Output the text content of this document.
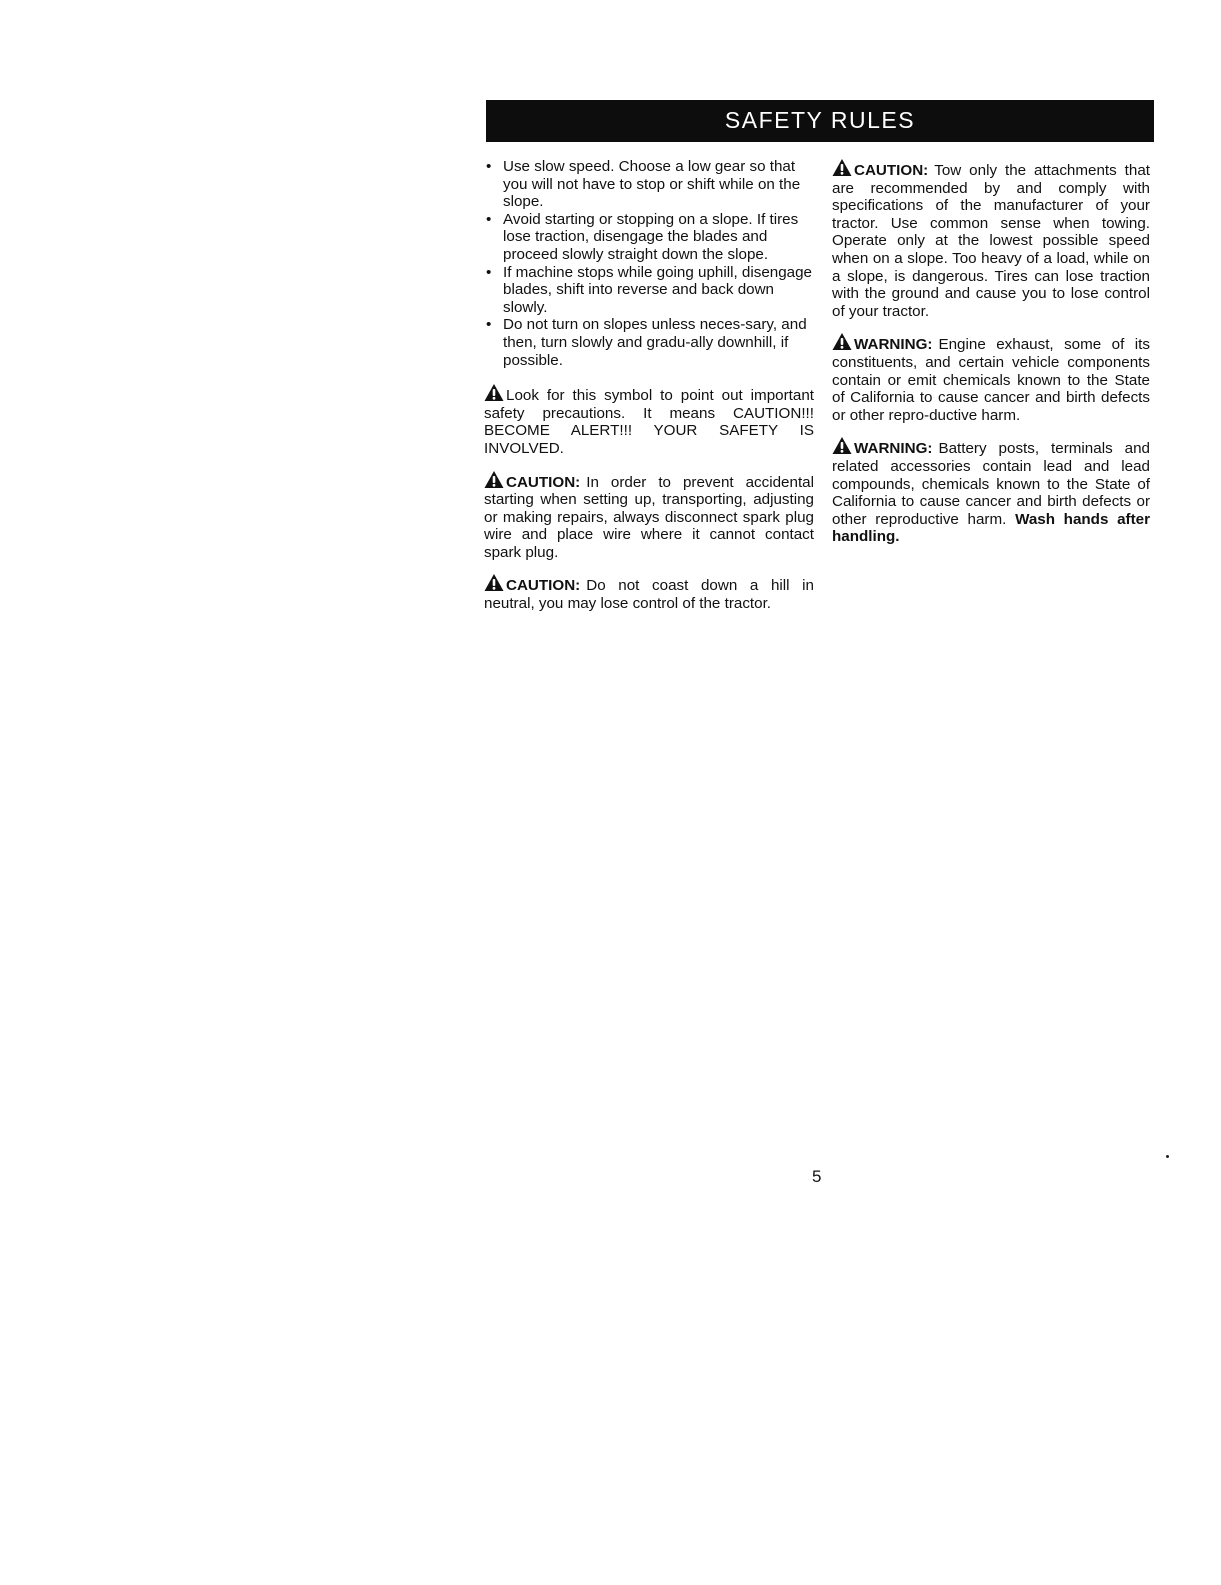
SAFETY RULES
• Use slow speed. Choose a low gear so that you will not have to stop or shift while on the slope.
• Avoid starting or stopping on a slope. If tires lose traction, disengage the blades and proceed slowly straight down the slope.
• If machine stops while going uphill, disengage blades, shift into reverse and back down slowly.
• Do not turn on slopes unless neces-sary, and then, turn slowly and gradu-ally downhill, if possible.

Look for this symbol to point out important safety precautions. It means CAUTION!!! BECOME ALERT!!! YOUR SAFETY IS INVOLVED.

CAUTION: In order to prevent accidental starting when setting up, transporting, adjusting or making repairs, always disconnect spark plug wire and place wire where it cannot contact spark plug.

CAUTION: Do not coast down a hill in neutral, you may lose control of the tractor.

CAUTION: Tow only the attachments that are recommended by and comply with specifications of the manufacturer of your tractor. Use common sense when towing. Operate only at the lowest possible speed when on a slope. Too heavy of a load, while on a slope, is dangerous. Tires can lose traction with the ground and cause you to lose control of your tractor.

WARNING: Engine exhaust, some of its constituents, and certain vehicle components contain or emit chemicals known to the State of California to cause cancer and birth defects or other repro-ductive harm.

WARNING: Battery posts, terminals and related accessories contain lead and lead compounds, chemicals known to the State of California to cause cancer and birth defects or other reproductive harm. Wash hands after handling.

5
